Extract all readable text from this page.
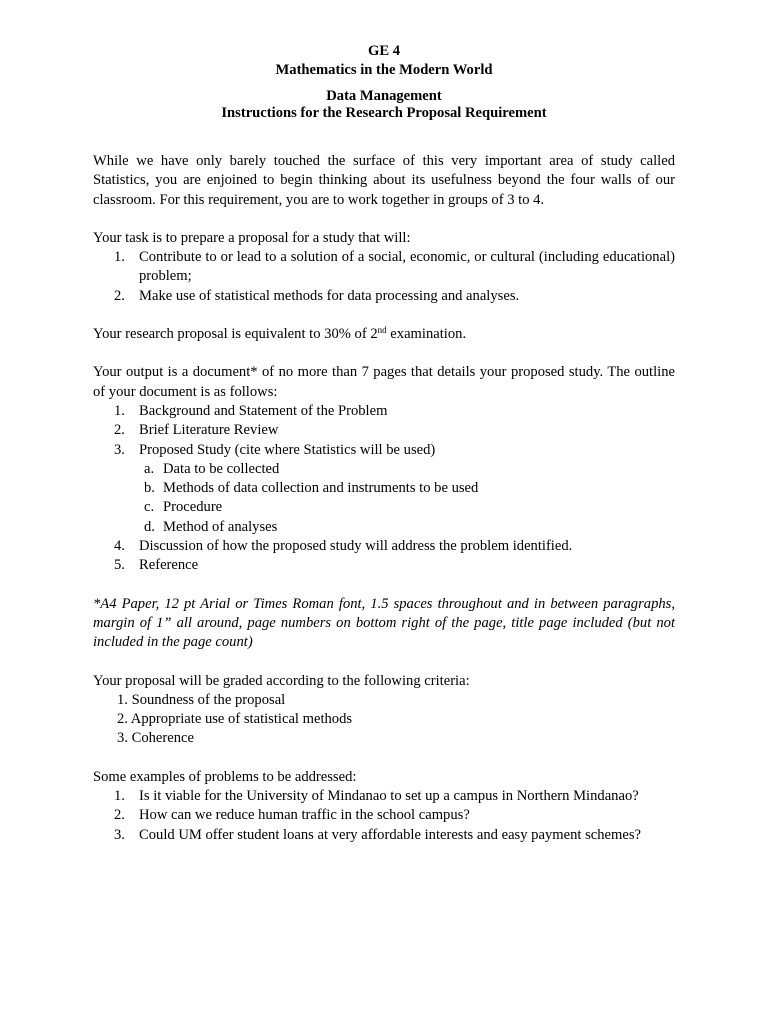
GE 4
Mathematics in the Modern World
Data Management
Instructions for the Research Proposal Requirement

While we have only barely touched the surface of this very important area of study called Statistics, you are enjoined to begin thinking about its usefulness beyond the four walls of our classroom. For this requirement, you are to work together in groups of 3 to 4.

Your task is to prepare a proposal for a study that will:

1. Contribute to or lead to a solution of a social, economic, or cultural (including educational) problem;
2. Make use of statistical methods for data processing and analyses.

Your research proposal is equivalent to 30% of 2nd examination.

Your output is a document* of no more than 7 pages that details your proposed study. The outline of your document is as follows:

1. Background and Statement of the Problem
2. Brief Literature Review
3. Proposed Study (cite where Statistics will be used)
a. Data to be collected
b. Methods of data collection and instruments to be used
c. Procedure
d. Method of analyses
4. Discussion of how the proposed study will address the problem identified.
5. Reference

*A4 Paper, 12 pt Arial or Times Roman font, 1.5 spaces throughout and in between paragraphs, margin of 1” all around, page numbers on bottom right of the page, title page included (but not included in the page count)

Your proposal will be graded according to the following criteria:

1. Soundness of the proposal
2. Appropriate use of statistical methods
3. Coherence

Some examples of problems to be addressed:

1. Is it viable for the University of Mindanao to set up a campus in Northern Mindanao?
2. How can we reduce human traffic in the school campus?
3. Could UM offer student loans at very affordable interests and easy payment schemes?
